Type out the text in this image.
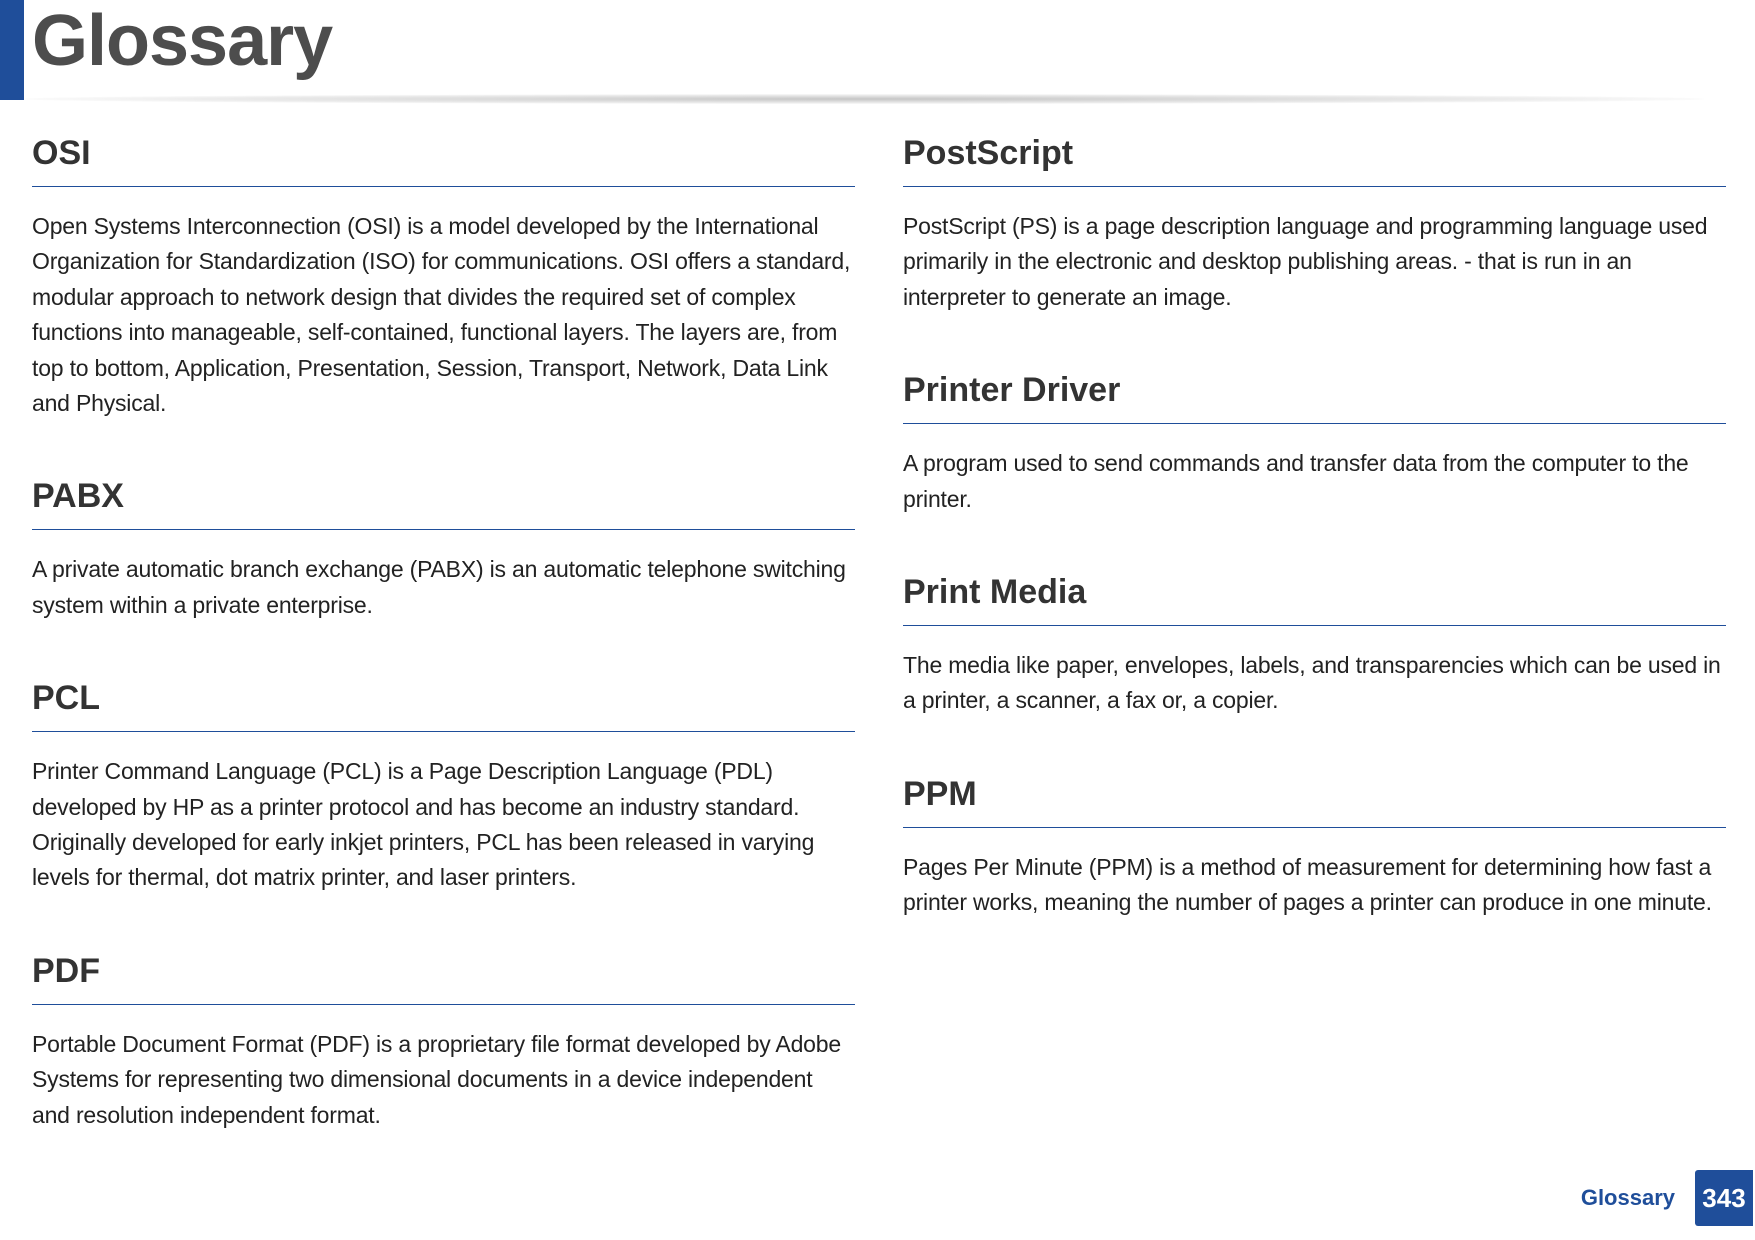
Glossary
OSI

Open Systems Interconnection (OSI) is a model developed by the International Organization for Standardization (ISO) for communications. OSI offers a standard, modular approach to network design that divides the required set of complex functions into manageable, self-contained, functional layers. The layers are, from top to bottom, Application, Presentation, Session, Transport, Network, Data Link and Physical.

PABX

A private automatic branch exchange (PABX) is an automatic telephone switching system within a private enterprise.

PCL

Printer Command Language (PCL) is a Page Description Language (PDL) developed by HP as a printer protocol and has become an industry standard. Originally developed for early inkjet printers, PCL has been released in varying levels for thermal, dot matrix printer, and laser printers.

PDF

Portable Document Format (PDF) is a proprietary file format developed by Adobe Systems for representing two dimensional documents in a device independent and resolution independent format.

PostScript

PostScript (PS) is a page description language and programming language used primarily in the electronic and desktop publishing areas. - that is run in an interpreter to generate an image.

Printer Driver

A program used to send commands and transfer data from the computer to the printer.

Print Media

The media like paper, envelopes, labels, and transparencies which can be used in a printer, a scanner, a fax or, a copier.

PPM

Pages Per Minute (PPM) is a method of measurement for determining how fast a printer works, meaning the number of pages a printer can produce in one minute.

Glossary 343
